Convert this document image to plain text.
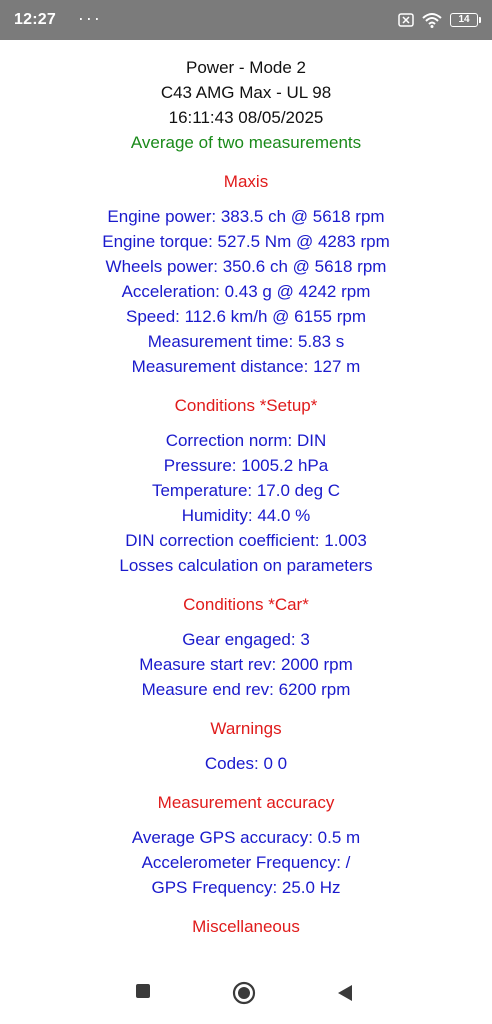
12:27 ···	14
Power - Mode 2
C43 AMG Max - UL 98
16:11:43 08/05/2025
Average of two measurements
Maxis
Engine power: 383.5 ch @ 5618 rpm
Engine torque: 527.5 Nm @ 4283 rpm
Wheels power: 350.6 ch @ 5618 rpm
Acceleration: 0.43 g @ 4242 rpm
Speed: 112.6 km/h @ 6155 rpm
Measurement time: 5.83 s
Measurement distance: 127 m
Conditions *Setup*
Correction norm: DIN
Pressure: 1005.2 hPa
Temperature: 17.0 deg C
Humidity: 44.0 %
DIN correction coefficient: 1.003
Losses calculation on parameters
Conditions *Car*
Gear engaged: 3
Measure start rev: 2000 rpm
Measure end rev: 6200 rpm
Warnings
Codes: 0 0
Measurement accuracy
Average GPS accuracy: 0.5 m
Accelerometer Frequency: /
GPS Frequency: 25.0 Hz
Miscellaneous
